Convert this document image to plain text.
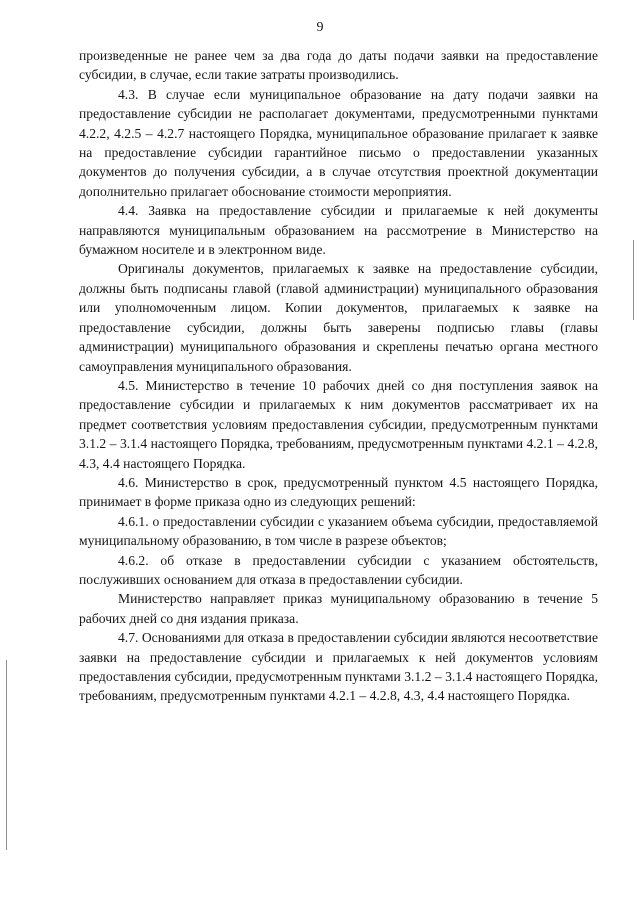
9

произведенные не ранее чем за два года до даты подачи заявки на предоставление субсидии, в случае, если такие затраты производились.

4.3. В случае если муниципальное образование на дату подачи заявки на предоставление субсидии не располагает документами, предусмотренными пунктами 4.2.2, 4.2.5 – 4.2.7 настоящего Порядка, муниципальное образование прилагает к заявке на предоставление субсидии гарантийное письмо о предоставлении указанных документов до получения субсидии, а в случае отсутствия проектной документации дополнительно прилагает обоснование стоимости мероприятия.

4.4. Заявка на предоставление субсидии и прилагаемые к ней документы направляются муниципальным образованием на рассмотрение в Министерство на бумажном носителе и в электронном виде.

Оригиналы документов, прилагаемых к заявке на предоставление субсидии, должны быть подписаны главой (главой администрации) муниципального образования или уполномоченным лицом. Копии документов, прилагаемых к заявке на предоставление субсидии, должны быть заверены подписью главы (главы администрации) муниципального образования и скреплены печатью органа местного самоуправления муниципального образования.

4.5. Министерство в течение 10 рабочих дней со дня поступления заявок на предоставление субсидии и прилагаемых к ним документов рассматривает их на предмет соответствия условиям предоставления субсидии, предусмотренным пунктами 3.1.2 – 3.1.4 настоящего Порядка, требованиям, предусмотренным пунктами 4.2.1 – 4.2.8, 4.3, 4.4 настоящего Порядка.

4.6. Министерство в срок, предусмотренный пунктом 4.5 настоящего Порядка, принимает в форме приказа одно из следующих решений:

4.6.1. о предоставлении субсидии с указанием объема субсидии, предоставляемой муниципальному образованию, в том числе в разрезе объектов;

4.6.2. об отказе в предоставлении субсидии с указанием обстоятельств, послуживших основанием для отказа в предоставлении субсидии.

Министерство направляет приказ муниципальному образованию в течение 5 рабочих дней со дня издания приказа.

4.7. Основаниями для отказа в предоставлении субсидии являются несоответствие заявки на предоставление субсидии и прилагаемых к ней документов условиям предоставления субсидии, предусмотренным пунктами 3.1.2 – 3.1.4 настоящего Порядка, требованиям, предусмотренным пунктами 4.2.1 – 4.2.8, 4.3, 4.4 настоящего Порядка.
